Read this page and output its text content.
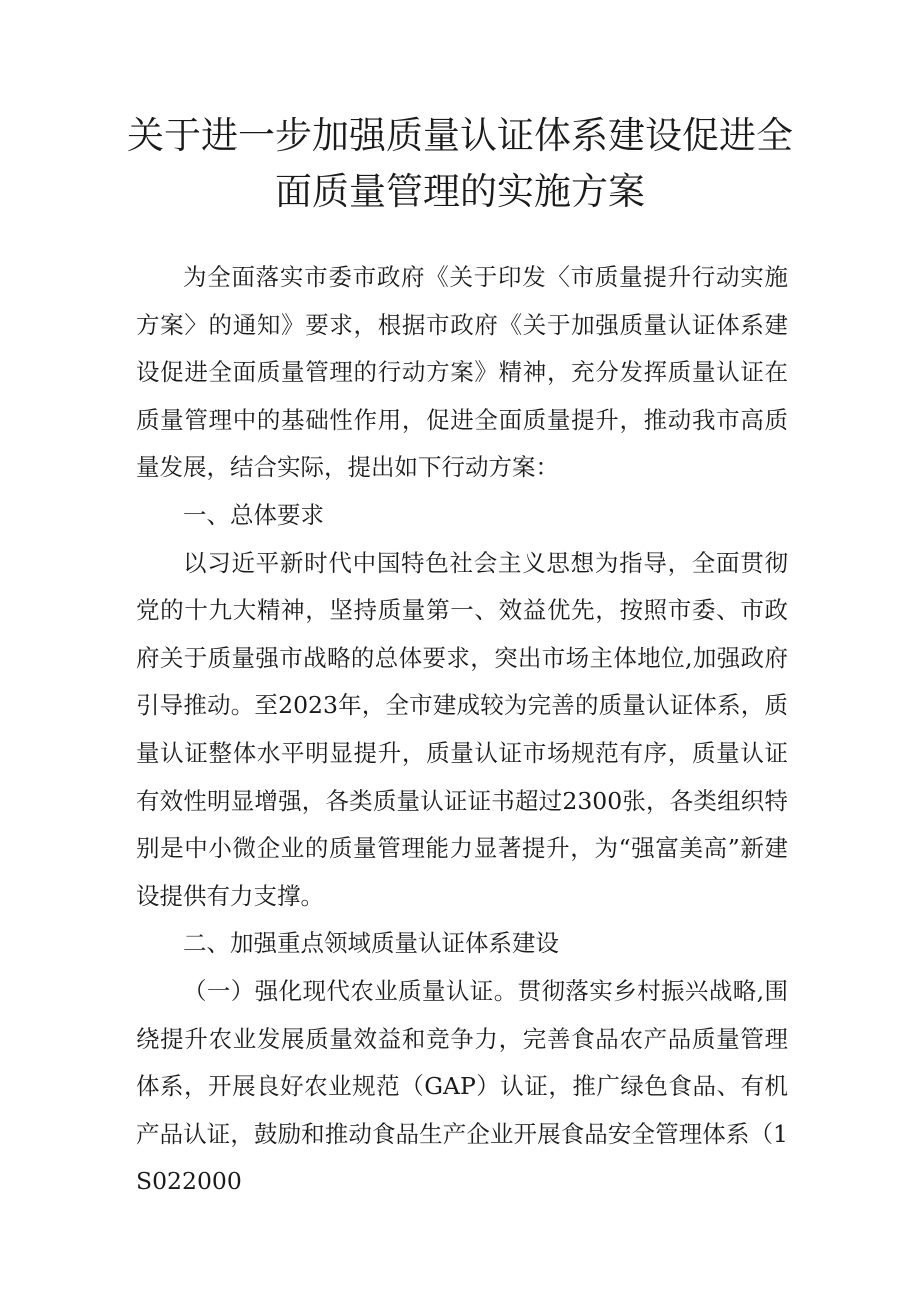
关于进一步加强质量认证体系建设促进全
面质量管理的实施方案

为全面落实市委市政府《关于印发〈市质量提升行动实施方案〉的通知》要求，根据市政府《关于加强质量认证体系建设促进全面质量管理的行动方案》精神，充分发挥质量认证在质量管理中的基础性作用，促进全面质量提升，推动我市高质量发展，结合实际，提出如下行动方案：

一、总体要求

以习近平新时代中国特色社会主义思想为指导，全面贯彻党的十九大精神，坚持质量第一、效益优先，按照市委、市政府关于质量强市战略的总体要求，突出市场主体地位,加强政府引导推动。至2023年，全市建成较为完善的质量认证体系，质量认证整体水平明显提升，质量认证市场规范有序，质量认证有效性明显增强，各类质量认证证书超过2300张，各类组织特别是中小微企业的质量管理能力显著提升，为“强富美高”新建设提供有力支撑。

二、加强重点领域质量认证体系建设

（一）强化现代农业质量认证。贯彻落实乡村振兴战略,围绕提升农业发展质量效益和竞争力，完善食品农产品质量管理体系，开展良好农业规范（GAP）认证，推广绿色食品、有机产品认证，鼓励和推动食品生产企业开展食品安全管理体系（1S022000
